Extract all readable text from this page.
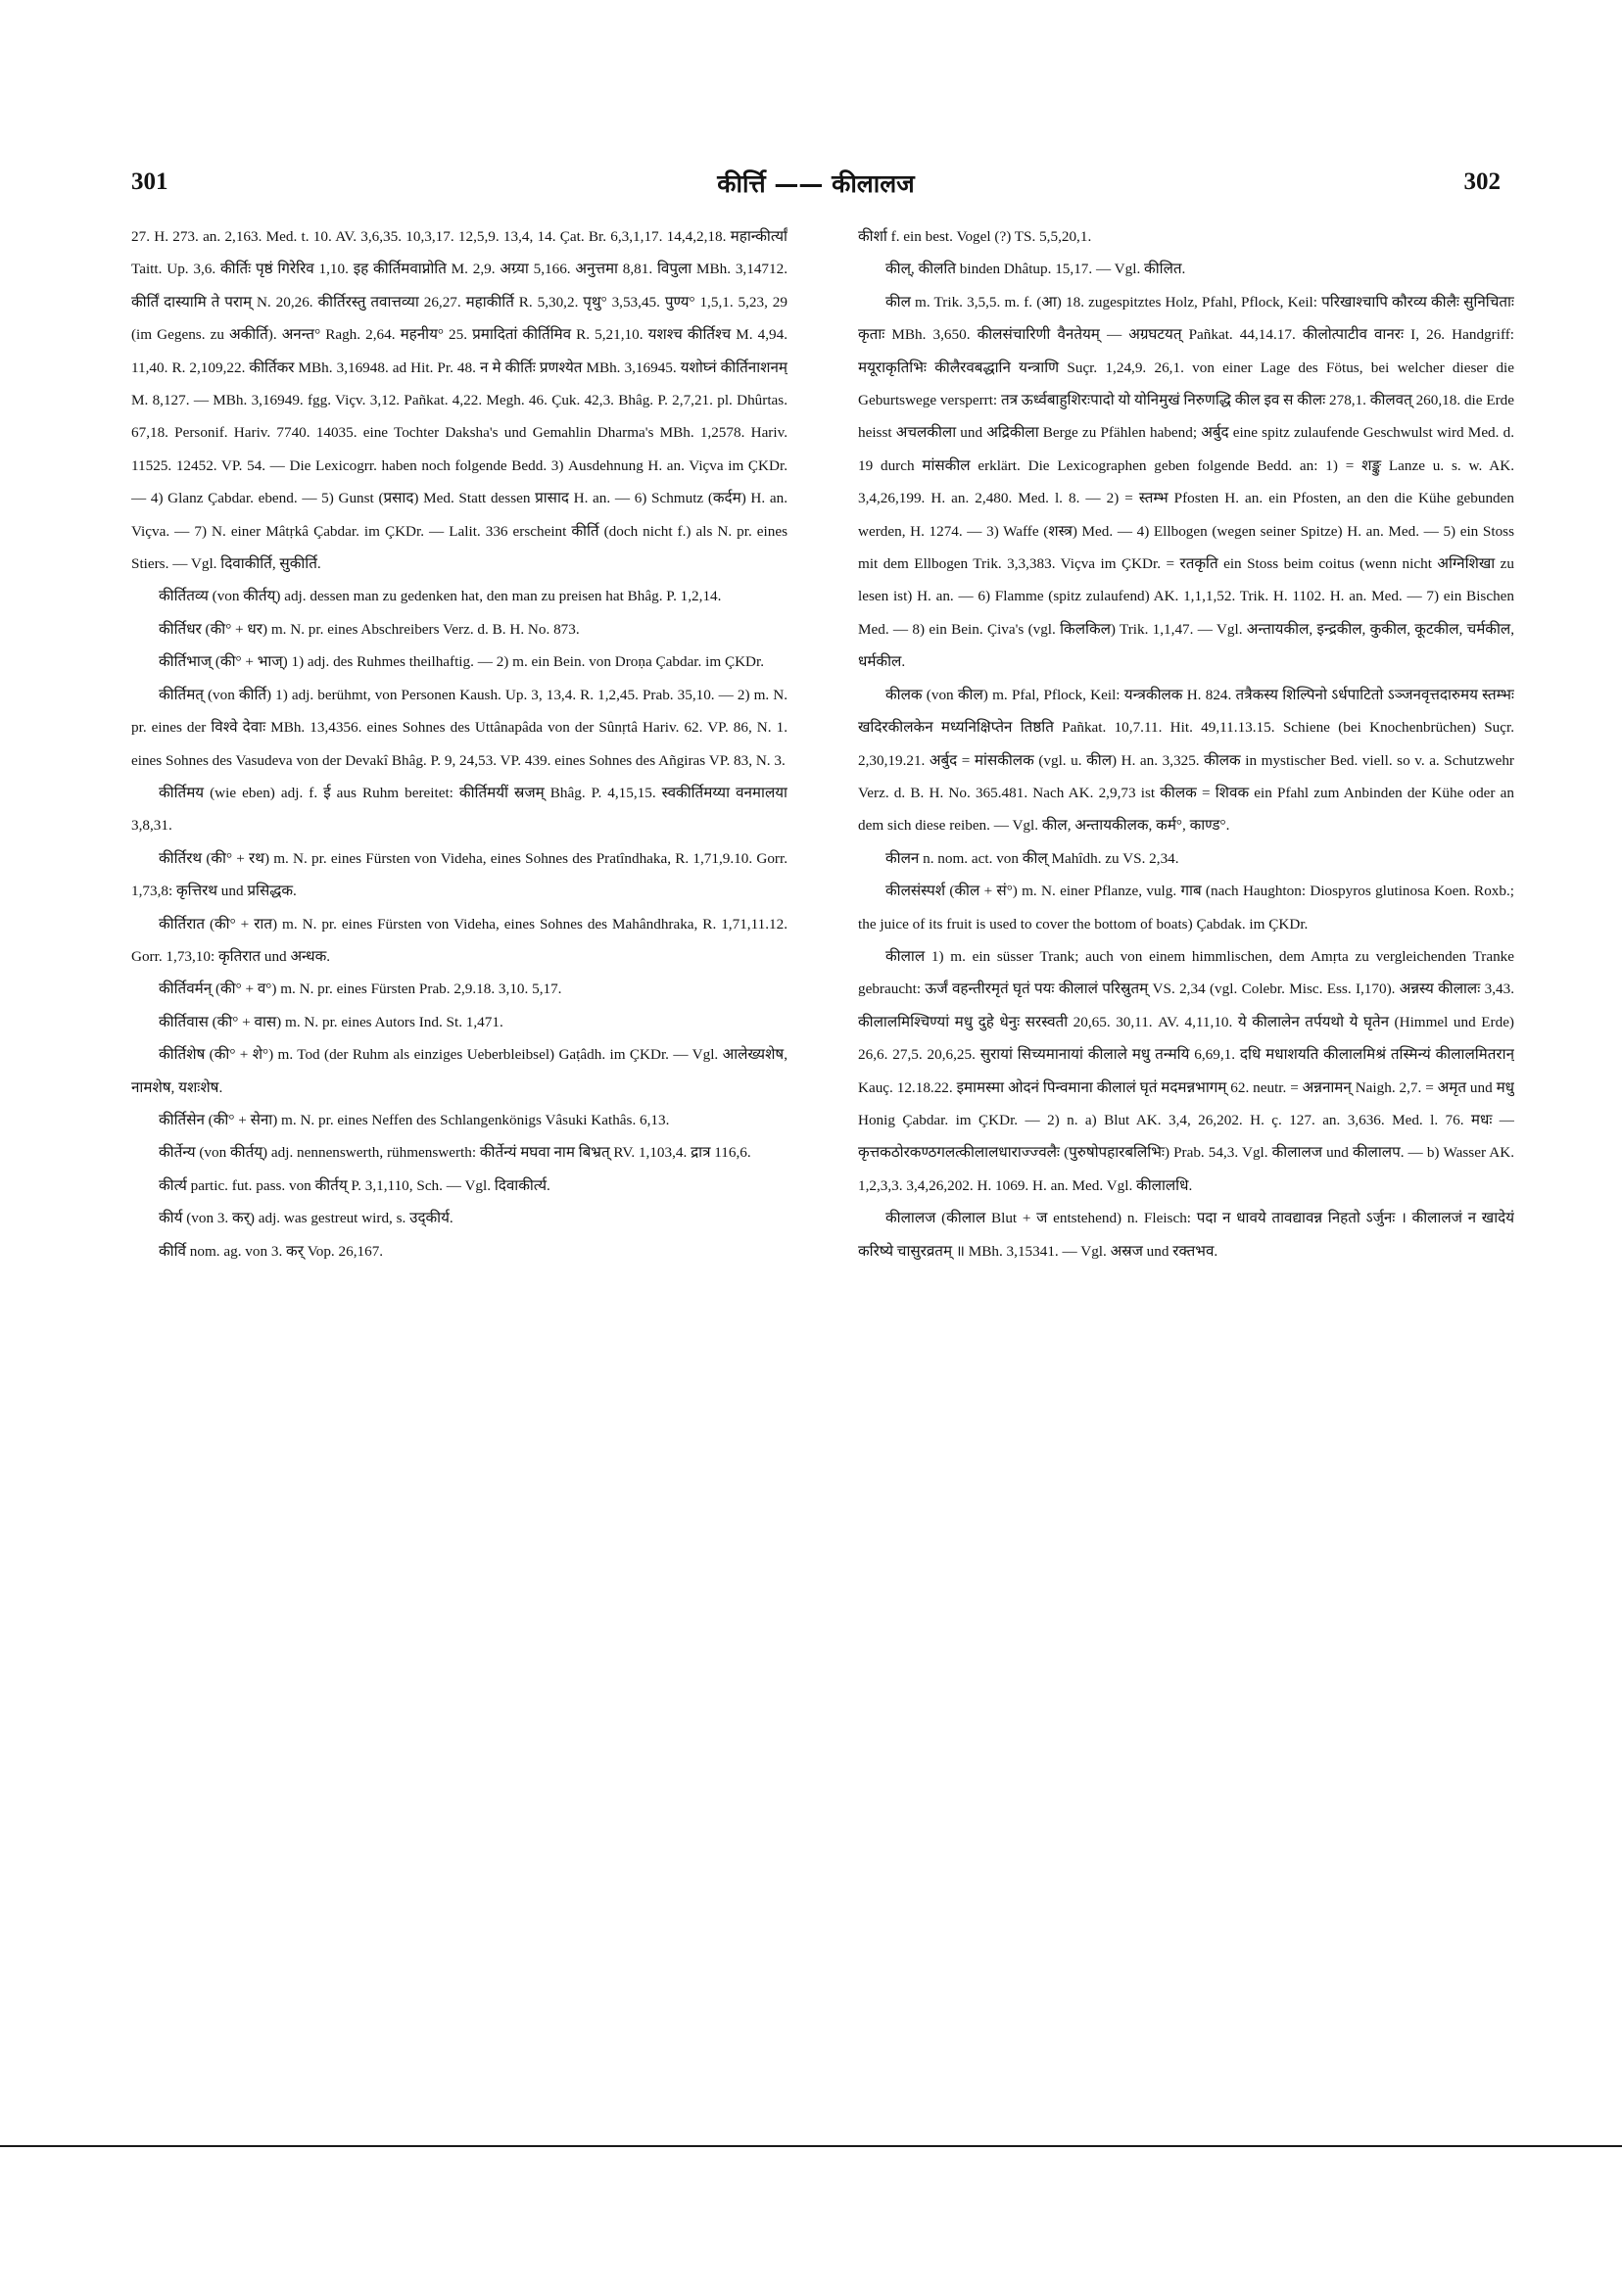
301	कीर्त्ति —— कीलालज	302

27. H. 273. an. 2,163. Med. t. 10. AV. 3,6,35. 10,3,17. 12,5,9. 13,4, 14. Çat. Br. 6,3,1,17. 14,4,2,18. महान्कीर्त्यां Taitt. Up. 3,6. कीर्तिः पृष्ठं गिरेरिव 1,10. इह कीर्तिमवाप्नोति M. 2,9. अग्र्या 5,166. अनुत्तमा 8,81. विपुला MBh. 3,14712. कीर्तिं दास्यामि ते पराम् N. 20,26. कीर्तिरस्तु तवात्तव्या 26,27. महाकीर्ति R. 5,30,2. पृथु° 3,53,45. पुण्य° 1,5,1. 5,23, 29 (im Gegens. zu अकीर्ति). अनन्त° Ragh. 2,64. महनीय° 25. प्रमादितां कीर्तिमिव R. 5,21,10. यशश्च कीर्तिश्च M. 4,94. 11,40. R. 2,109,22. कीर्तिकर MBh. 3,16948. ad Hit. Pr. 48. न मे कीर्तिः प्रणश्येत MBh. 3,16945. यशोघ्नं कीर्तिनाशनम् M. 8,127. — MBh. 3,16949. fgg. Viçv. 3,12. Pañkat. 4,22. Megh. 46. Çuk. 42,3. Bhâg. P. 2,7,21. pl. Dhûrtas. 67,18. Personif. Hariv. 7740. 14035. eine Tochter Daksha's und Gemahlin Dharma's MBh. 1,2578. Hariv. 11525. 12452. VP. 54. — Die Lexicogrr. haben noch folgende Bedd. 3) Ausdehnung H. an. Viçva im ÇKDr. — 4) Glanz Çabdar. ebend. — 5) Gunst (प्रसाद) Med. Statt dessen प्रासाद H. an. — 6) Schmutz (कर्दम) H. an. Viçva. — 7) N. einer Mâtṛkâ Çabdar. im ÇKDr. — Lalit. 336 erscheint कीर्ति (doch nicht f.) als N. pr. eines Stiers. — Vgl. दिवाकीर्ति, सुकीर्ति.

कीर्तितव्य (von कीर्तय्) adj. dessen man zu gedenken hat, den man zu preisen hat Bhâg. P. 1,2,14.

कीर्तिधर (की° + धर) m. N. pr. eines Abschreibers Verz. d. B. H. No. 873.

कीर्तिभाज् (की° + भाज्) 1) adj. des Ruhmes theilhaftig. — 2) m. ein Bein. von Droṇa Çabdar. im ÇKDr.

कीर्तिमत् (von कीर्ति) 1) adj. berühmt, von Personen Kaush. Up. 3, 13,4. R. 1,2,45. Prab. 35,10. — 2) m. N. pr. eines der विश्वे देवाः MBh. 13,4356. eines Sohnes des Uttânapâda von der Sûnṛtâ Hariv. 62. VP. 86, N. 1. eines Sohnes des Vasudeva von der Devakî Bhâg. P. 9, 24,53. VP. 439. eines Sohnes des Añgiras VP. 83, N. 3.

कीर्तिमय (wie eben) adj. f. ई aus Ruhm bereitet: कीर्तिमयीं स्रजम् Bhâg. P. 4,15,15. स्वकीर्तिमय्या वनमालया 3,8,31.

कीर्तिरथ (की° + रथ) m. N. pr. eines Fürsten von Videha, eines Sohnes des Pratîndhaka, R. 1,71,9.10. Gorr. 1,73,8: कृत्तिरथ und प्रसिद्धक.

कीर्तिरात (की° + रात) m. N. pr. eines Fürsten von Videha, eines Sohnes des Mahândhraka, R. 1,71,11.12. Gorr. 1,73,10: कृतिरात und अन्धक.

कीर्तिवर्मन् (की° + व°) m. N. pr. eines Fürsten Prab. 2,9.18. 3,10. 5,17.

कीर्तिवास (की° + वास) m. N. pr. eines Autors Ind. St. 1,471.

कीर्तिशेष (की° + शे°) m. Tod (der Ruhm als einziges Ueberbleibsel) Gaṭâdh. im ÇKDr. — Vgl. आलेख्यशेष, नामशेष, यशःशेष.

कीर्तिसेन (की° + सेना) m. N. pr. eines Neffen des Schlangenkönigs Vâsuki Kathâs. 6,13.

कीर्तेन्य (von कीर्तय्) adj. nennenswerth, rühmenswerth: कीर्तेन्यं मघवा नाम बिभ्रत् RV. 1,103,4. द्रात्र 116,6.

कीर्त्य partic. fut. pass. von कीर्तय् P. 3,1,110, Sch. — Vgl. दिवाकीर्त्य.

कीर्य (von 3. कर्) adj. was gestreut wird, s. उद्कीर्य.

कीर्वि nom. ag. von 3. कर् Vop. 26,167.

कीर्शा f. ein best. Vogel (?) TS. 5,5,20,1.

कील्, कीलति binden Dhâtup. 15,17. — Vgl. कीलित.

कील m. Trik. 3,5,5. m. f. (आ) 18. zugespitztes Holz, Pfahl, Pflock, Keil: परिखाश्चापि कौरव्य कीलैः सुनिचिताः कृताः MBh. 3,650. कीलसंचारिणी वैनतेयम् — अग्रघटयत् Pañkat. 44,14.17. कीलोत्पाटीव वानरः I, 26. Handgriff: मयूराकृतिभिः कीलैरवबद्धानि यन्त्राणि Suçr. 1,24,9. 26,1. von einer Lage des Fötus, bei welcher dieser die Geburtswege versperrt: तत्र ऊर्ध्वबाहुशिरःपादो यो योनिमुखं निरुणद्धि कील इव स कीलः 278,1. कीलवत् 260,18. die Erde heisst अचलकीला und अद्रिकीला Berge zu Pfählen habend; अर्बुद eine spitz zulaufende Geschwulst wird Med. d. 19 durch मांसकील erklärt. Die Lexicographen geben folgende Bedd. an: 1) = शङ्कु Lanze u. s. w. AK. 3,4,26,199. H. an. 2,480. Med. l. 8. — 2) = स्तम्भ Pfosten H. an. ein Pfosten, an den die Kühe gebunden werden, H. 1274. — 3) Waffe (शस्त्र) Med. — 4) Ellbogen (wegen seiner Spitze) H. an. Med. — 5) ein Stoss mit dem Ellbogen Trik. 3,3,383. Viçva im ÇKDr. = रतकृति ein Stoss beim coitus (wenn nicht अग्निशिखा zu lesen ist) H. an. — 6) Flamme (spitz zulaufend) AK. 1,1,1,52. Trik. H. 1102. H. an. Med. — 7) ein Bischen Med. — 8) ein Bein. Çiva's (vgl. किलकिल) Trik. 1,1,47. — Vgl. अन्तायकील, इन्द्रकील, कुकील, कूटकील, चर्मकील, धर्मकील.

कीलक (von कील) m. Pfal, Pflock, Keil: यन्त्रकीलक H. 824. तत्रैकस्य शिल्पिनो ऽर्धपाटितो ऽञ्जनवृत्तदारुमय स्तम्भः खदिरकीलकेन मध्यनिक्षिप्तेन तिष्ठति Pañkat. 10,7.11. Hit. 49,11.13.15. Schiene (bei Knochenbrüchen) Suçr. 2,30,19.21. अर्बुद = मांसकीलक (vgl. u. कील) H. an. 3,325. कीलक in mystischer Bed. viell. so v. a. Schutzwehr Verz. d. B. H. No. 365.481. Nach AK. 2,9,73 ist कीलक = शिवक ein Pfahl zum Anbinden der Kühe oder an dem sich diese reiben. — Vgl. कील, अन्तायकीलक, कर्म°, काण्ड°.

कीलन n. nom. act. von कील् Mahîdh. zu VS. 2,34.

कीलसंस्पर्श (कील + सं°) m. N. einer Pflanze, vulg. गाब (nach Haughton: Diospyros glutinosa Koen. Roxb.; the juice of its fruit is used to cover the bottom of boats) Çabdak. im ÇKDr.

कीलाल 1) m. ein süsser Trank; auch von einem himmlischen, dem Amṛta zu vergleichenden Tranke gebraucht: ऊर्जं वहन्तीरमृतं घृतं पयः कीलालं परिस्रुतम् VS. 2,34 (vgl. Colebr. Misc. Ess. I,170). अन्नस्य कीलालः 3,43. कीलालमिश्चिण्यां मधु दुहे धेनुः सरस्वती 20,65. 30,11. AV. 4,11,10. ये कीलालेन तर्पयथो ये घृतेन (Himmel und Erde) 26,6. 27,5. 20,6,25. सुरायां सिच्यमानायां कीलाले मधु तन्मयि 6,69,1. दधि मधाशयति कीलालमिश्रं तस्मिन्यं कीलालमितरान् Kauç. 12.18.22. इमामस्मा ओदनं पिन्वमाना कीलालं घृतं मदमन्नभागम् 62. neutr. = अन्ननामन् Naigh. 2,7. = अमृत und मधु Honig Çabdar. im ÇKDr. — 2) n. a) Blut AK. 3,4, 26,202. H. ç. 127. an. 3,636. Med. l. 76. मधः — कृत्तकठोरकण्ठगलत्कीलालधाराज्ज्वलैः (पुरुषोपहारबलिभिः) Prab. 54,3. Vgl. कीलालज und कीलालप. — b) Wasser AK. 1,2,3,3. 3,4,26,202. H. 1069. H. an. Med. Vgl. कीलालधि.

कीलालज (कीलाल Blut + ज entstehend) n. Fleisch: पदा न धावये तावद्यावन्न निहतो ऽर्जुनः । कीलालजं न खादेयं करिष्ये चासुरव्रतम् ॥ MBh. 3,15341. — Vgl. अस्रज und रक्तभव.
